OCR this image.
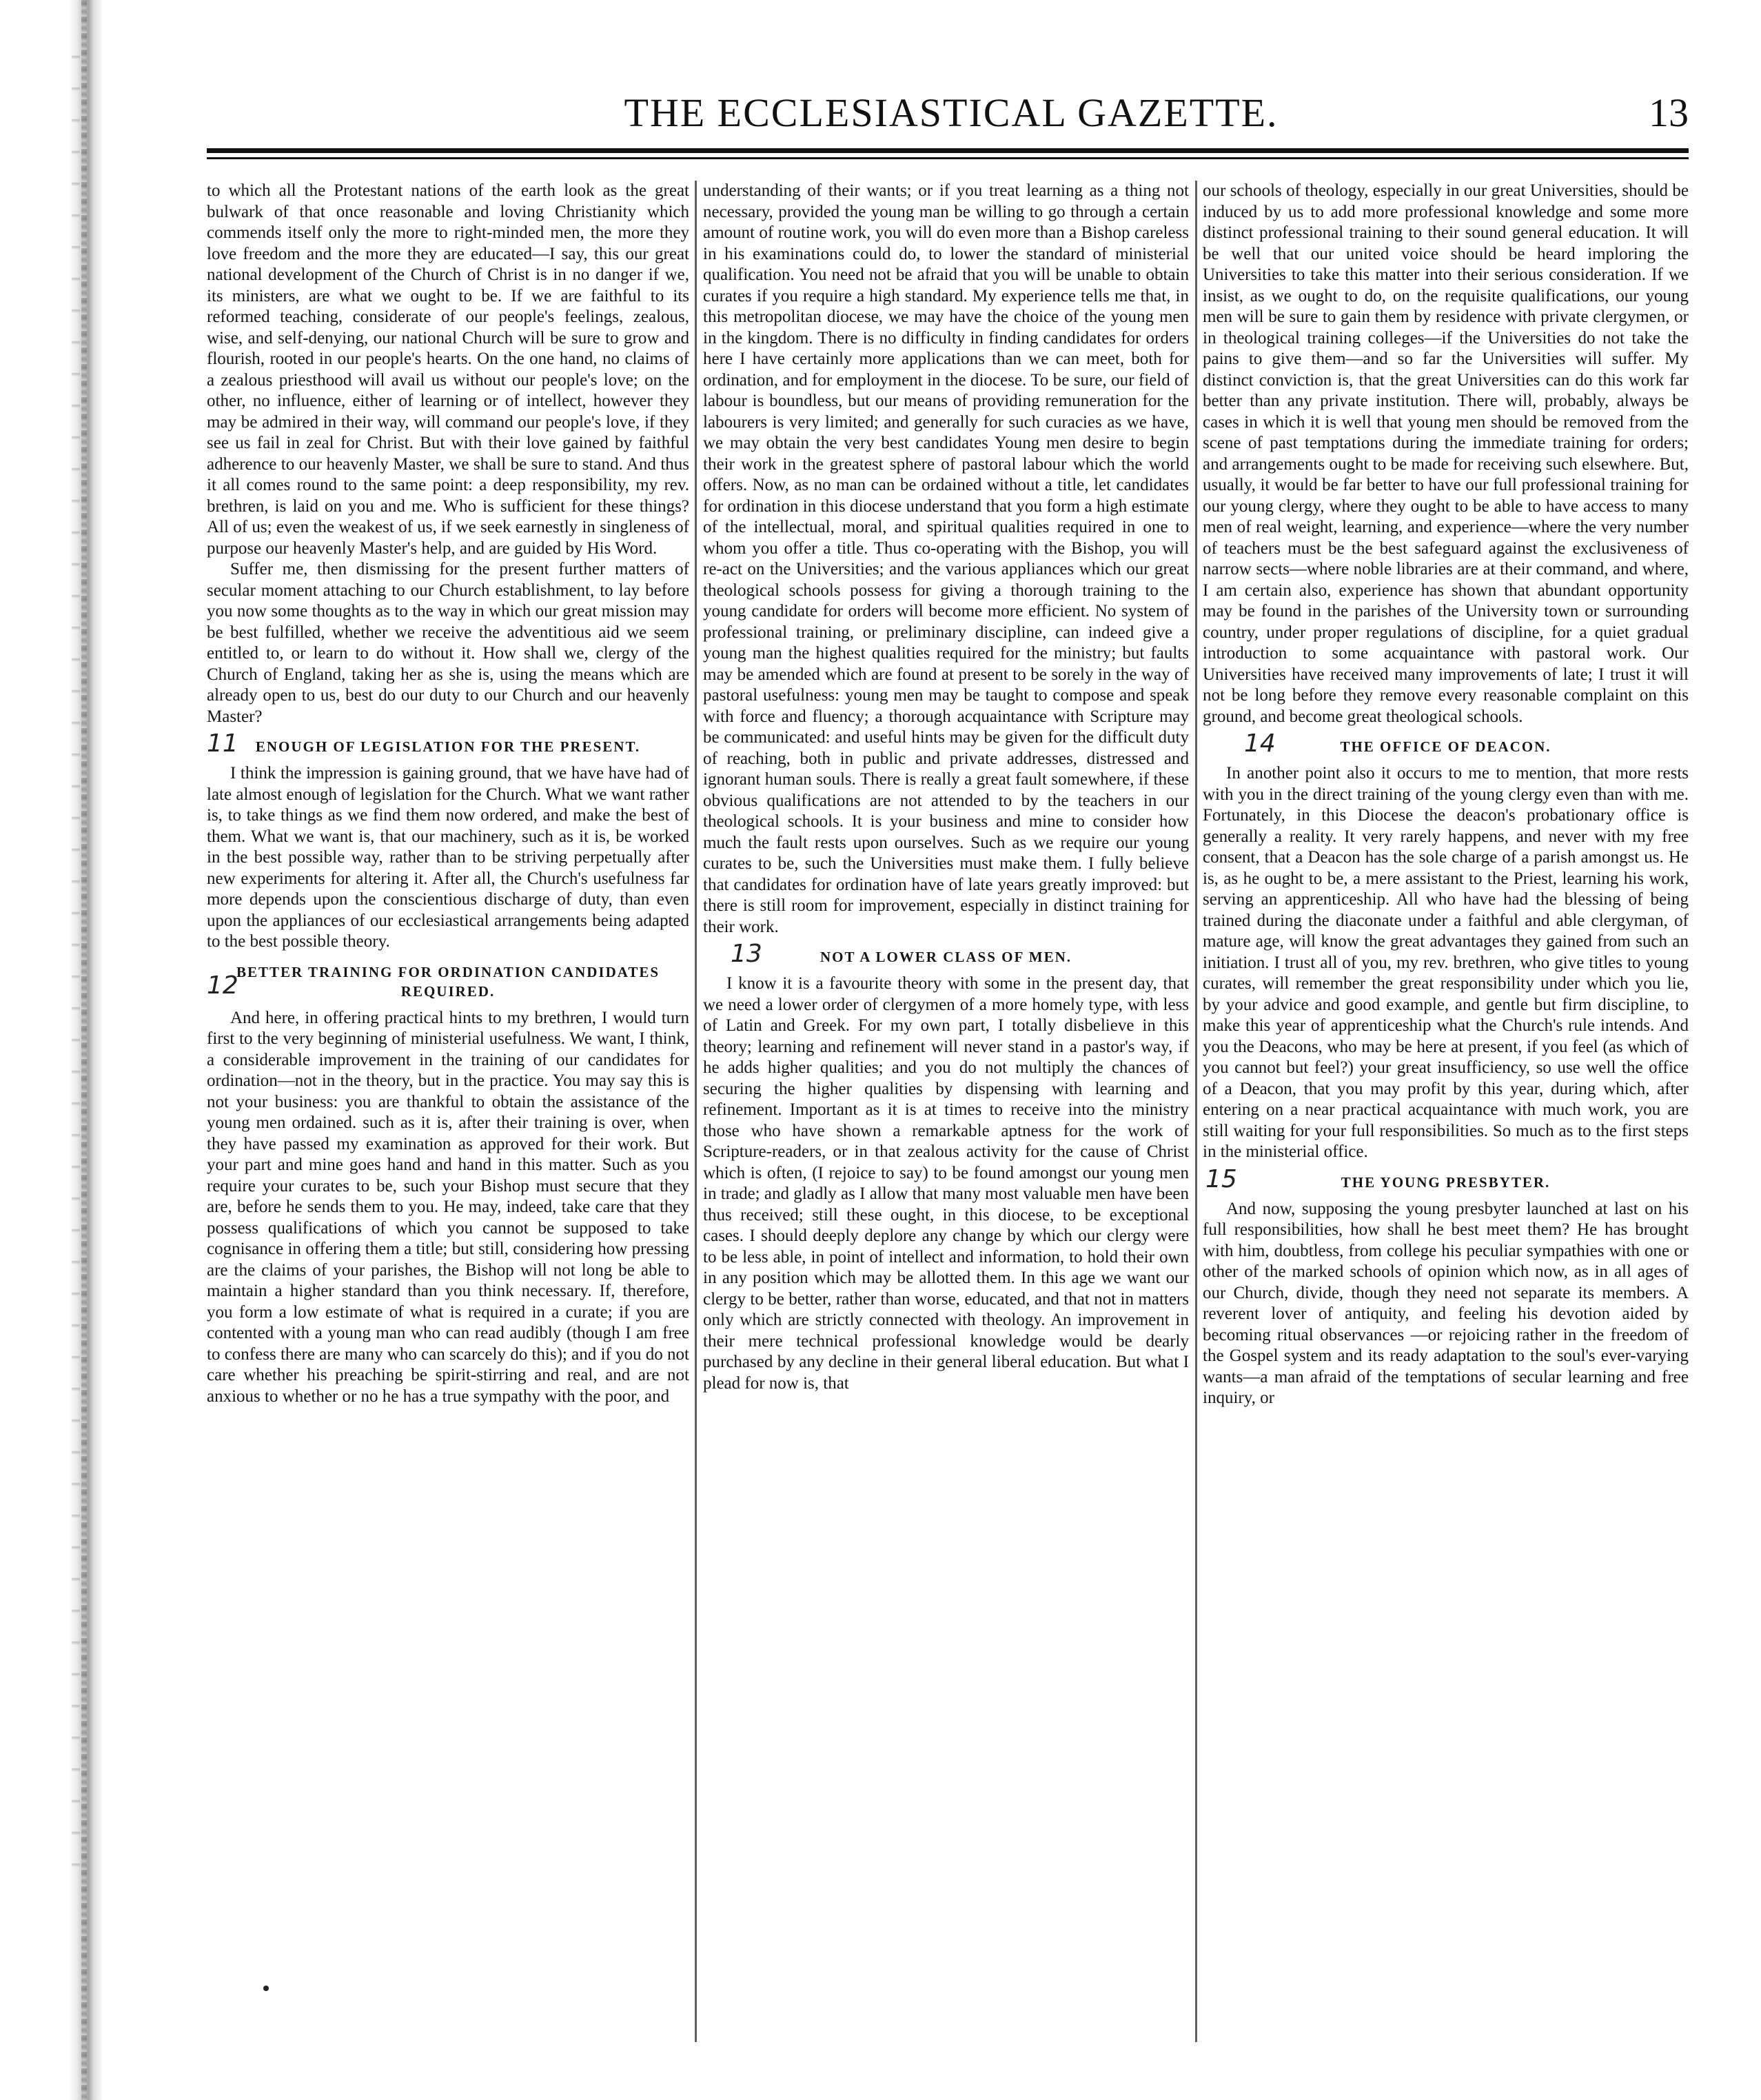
THE ECCLESIASTICAL GAZETTE.	13

to which all the Protestant nations of the earth look as the great bulwark of that once reasonable and loving Christianity which commends itself only the more to right-minded men, the more they love freedom and the more they are educated—I say, this our great national development of the Church of Christ is in no danger if we, its ministers, are what we ought to be. If we are faithful to its reformed teaching, considerate of our people's feelings, zealous, wise, and self-denying, our national Church will be sure to grow and flourish, rooted in our people's hearts. On the one hand, no claims of a zealous priesthood will avail us without our people's love; on the other, no influence, either of learning or of intellect, however they may be admired in their way, will command our people's love, if they see us fail in zeal for Christ. But with their love gained by faithful adherence to our heavenly Master, we shall be sure to stand. And thus it all comes round to the same point: a deep responsibility, my rev. brethren, is laid on you and me. Who is sufficient for these things? All of us; even the weakest of us, if we seek earnestly in singleness of purpose our heavenly Master's help, and are guided by His Word.

Suffer me, then dismissing for the present further matters of secular moment attaching to our Church establishment, to lay before you now some thoughts as to the way in which our great mission may be best fulfilled, whether we receive the adventitious aid we seem entitled to, or learn to do without it. How shall we, clergy of the Church of England, taking her as she is, using the means which are already open to us, best do our duty to our Church and our heavenly Master?

11 ENOUGH OF LEGISLATION FOR THE PRESENT.

I think the impression is gaining ground, that we have have had of late almost enough of legislation for the Church. What we want rather is, to take things as we find them now ordered, and make the best of them. What we want is, that our machinery, such as it is, be worked in the best possible way, rather than to be striving perpetually after new experiments for altering it. After all, the Church's usefulness far more depends upon the conscientious discharge of duty, than even upon the appliances of our ecclesiastical arrangements being adapted to the best possible theory.

12
BETTER TRAINING FOR ORDINATION CANDIDATES REQUIRED.

And here, in offering practical hints to my brethren, I would turn first to the very beginning of ministerial usefulness. We want, I think, a considerable improvement in the training of our candidates for ordination—not in the theory, but in the practice. You may say this is not your business: you are thankful to obtain the assistance of the young men ordained. such as it is, after their training is over, when they have passed my examination as approved for their work. But your part and mine goes hand and hand in this matter. Such as you require your curates to be, such your Bishop must secure that they are, before he sends them to you. He may, indeed, take care that they possess qualifications of which you cannot be supposed to take cognisance in offering them a title; but still, considering how pressing are the claims of your parishes, the Bishop will not long be able to maintain a higher standard than you think necessary. If, therefore, you form a low estimate of what is required in a curate; if you are contented with a young man who can read audibly (though I am free to confess there are many who can scarcely do this); and if you do not care whether his preaching be spirit-stirring and real, and are not anxious to whether or no he has a true sympathy with the poor, and

understanding of their wants; or if you treat learning as a thing not necessary, provided the young man be willing to go through a certain amount of routine work, you will do even more than a Bishop careless in his examinations could do, to lower the standard of ministerial qualification. You need not be afraid that you will be unable to obtain curates if you require a high standard. My experience tells me that, in this metropolitan diocese, we may have the choice of the young men in the kingdom. There is no difficulty in finding candidates for orders here I have certainly more applications than we can meet, both for ordination, and for employment in the diocese. To be sure, our field of labour is boundless, but our means of providing remuneration for the labourers is very limited; and generally for such curacies as we have, we may obtain the very best candidates Young men desire to begin their work in the greatest sphere of pastoral labour which the world offers. Now, as no man can be ordained without a title, let candidates for ordination in this diocese understand that you form a high estimate of the intellectual, moral, and spiritual qualities required in one to whom you offer a title. Thus co-operating with the Bishop, you will re-act on the Universities; and the various appliances which our great theological schools possess for giving a thorough training to the young candidate for orders will become more efficient. No system of professional training, or preliminary discipline, can indeed give a young man the highest qualities required for the ministry; but faults may be amended which are found at present to be sorely in the way of pastoral usefulness: young men may be taught to compose and speak with force and fluency; a thorough acquaintance with Scripture may be communicated: and useful hints may be given for the difficult duty of reaching, both in public and private addresses, distressed and ignorant human souls. There is really a great fault somewhere, if these obvious qualifications are not attended to by the teachers in our theological schools. It is your business and mine to consider how much the fault rests upon ourselves. Such as we require our young curates to be, such the Universities must make them. I fully believe that candidates for ordination have of late years greatly improved: but there is still room for improvement, especially in distinct training for their work.

13	NOT A LOWER CLASS OF MEN.

I know it is a favourite theory with some in the present day, that we need a lower order of clergymen of a more homely type, with less of Latin and Greek. For my own part, I totally disbelieve in this theory; learning and refinement will never stand in a pastor's way, if he adds higher qualities; and you do not multiply the chances of securing the higher qualities by dispensing with learning and refinement. Important as it is at times to receive into the ministry those who have shown a remarkable aptness for the work of Scripture-readers, or in that zealous activity for the cause of Christ which is often, (I rejoice to say) to be found amongst our young men in trade; and gladly as I allow that many most valuable men have been thus received; still these ought, in this diocese, to be exceptional cases. I should deeply deplore any change by which our clergy were to be less able, in point of intellect and information, to hold their own in any position which may be allotted them. In this age we want our clergy to be better, rather than worse, educated, and that not in matters only which are strictly connected with theology. An improvement in their mere technical professional knowledge would be dearly purchased by any decline in their general liberal education. But what I plead for now is, that

our schools of theology, especially in our great Universities, should be induced by us to add more professional knowledge and some more distinct professional training to their sound general education. It will be well that our united voice should be heard imploring the Universities to take this matter into their serious consideration. If we insist, as we ought to do, on the requisite qualifications, our young men will be sure to gain them by residence with private clergymen, or in theological training colleges—if the Universities do not take the pains to give them—and so far the Universities will suffer. My distinct conviction is, that the great Universities can do this work far better than any private institution. There will, probably, always be cases in which it is well that young men should be removed from the scene of past temptations during the immediate training for orders; and arrangements ought to be made for receiving such elsewhere. But, usually, it would be far better to have our full professional training for our young clergy, where they ought to be able to have access to many men of real weight, learning, and experience—where the very number of teachers must be the best safeguard against the exclusiveness of narrow sects—where noble libraries are at their command, and where, I am certain also, experience has shown that abundant opportunity may be found in the parishes of the University town or surrounding country, under proper regulations of discipline, for a quiet gradual introduction to some acquaintance with pastoral work. Our Universities have received many improvements of late; I trust it will not be long before they remove every reasonable complaint on this ground, and become great theological schools.

14	THE OFFICE OF DEACON.

In another point also it occurs to me to mention, that more rests with you in the direct training of the young clergy even than with me. Fortunately, in this Diocese the deacon's probationary office is generally a reality. It very rarely happens, and never with my free consent, that a Deacon has the sole charge of a parish amongst us. He is, as he ought to be, a mere assistant to the Priest, learning his work, serving an apprenticeship. All who have had the blessing of being trained during the diaconate under a faithful and able clergyman, of mature age, will know the great advantages they gained from such an initiation. I trust all of you, my rev. brethren, who give titles to young curates, will remember the great responsibility under which you lie, by your advice and good example, and gentle but firm discipline, to make this year of apprenticeship what the Church's rule intends. And you the Deacons, who may be here at present, if you feel (as which of you cannot but feel?) your great insufficiency, so use well the office of a Deacon, that you may profit by this year, during which, after entering on a near practical acquaintance with much work, you are still waiting for your full responsibilities. So much as to the first steps in the ministerial office.

15	THE YOUNG PRESBYTER.

And now, supposing the young presbyter launched at last on his full responsibilities, how shall he best meet them? He has brought with him, doubtless, from college his peculiar sympathies with one or other of the marked schools of opinion which now, as in all ages of our Church, divide, though they need not separate its members. A reverent lover of antiquity, and feeling his devotion aided by becoming ritual observances —or rejoicing rather in the freedom of the Gospel system and its ready adaptation to the soul's ever-varying wants—a man afraid of the temptations of secular learning and free inquiry, or
